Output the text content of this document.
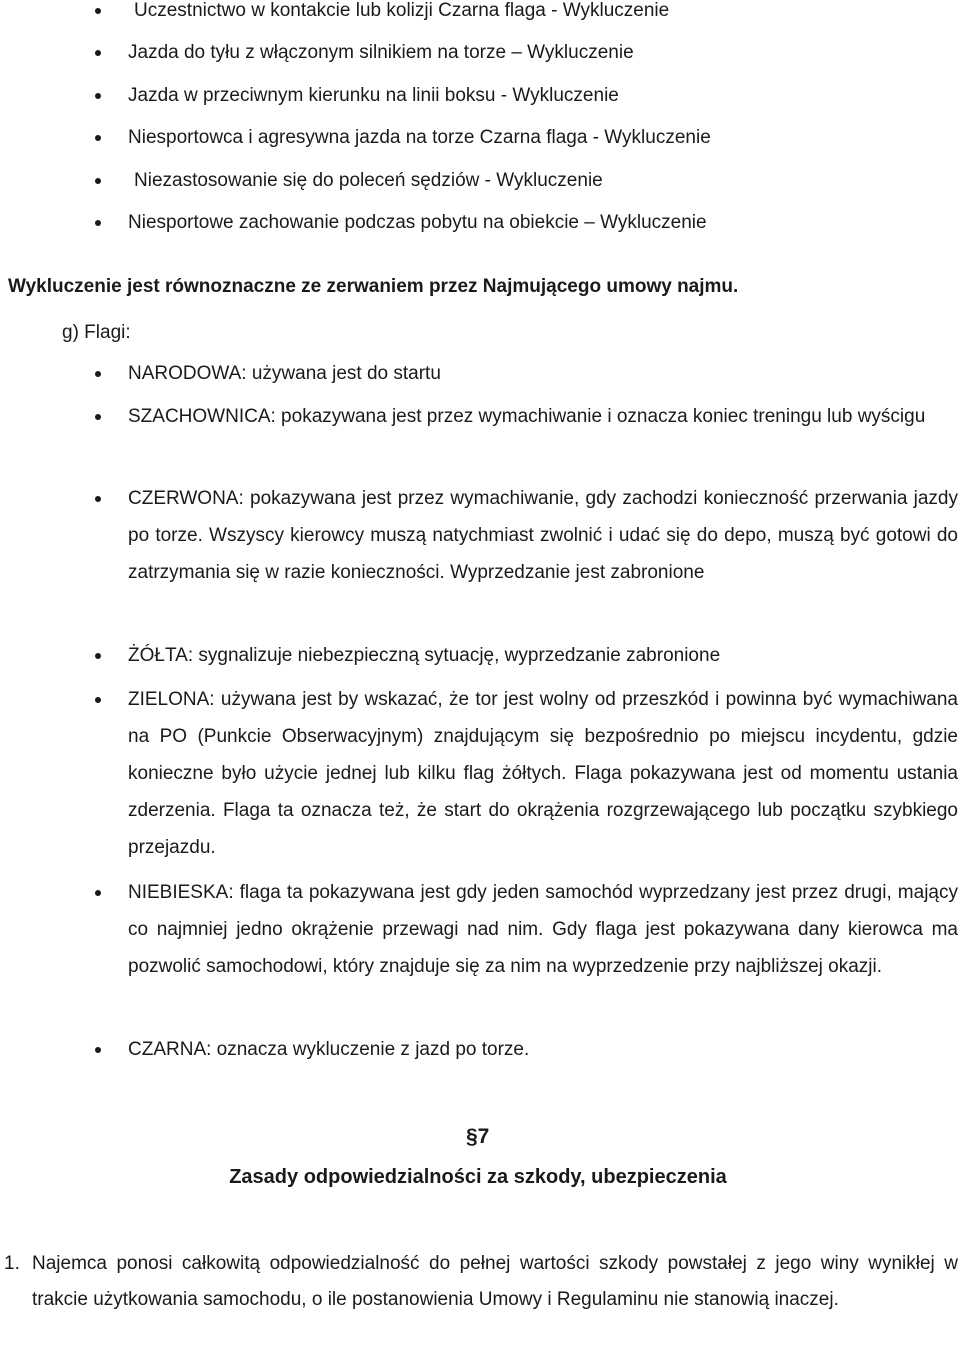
Uczestnictwo w kontakcie lub kolizji Czarna flaga - Wykluczenie
Jazda do tyłu z włączonym silnikiem na torze – Wykluczenie
Jazda w przeciwnym kierunku na linii boksu - Wykluczenie
Niesportowca i agresywna jazda na torze Czarna flaga - Wykluczenie
Niezastosowanie się do poleceń sędziów - Wykluczenie
Niesportowe zachowanie podczas pobytu na obiekcie – Wykluczenie
Wykluczenie jest równoznaczne ze zerwaniem przez Najmującego umowy najmu.
g) Flagi:
NARODOWA: używana jest do startu
SZACHOWNICA: pokazywana jest przez wymachiwanie i oznacza koniec treningu lub wyścigu
CZERWONA: pokazywana jest przez wymachiwanie, gdy zachodzi konieczność przerwania jazdy po torze. Wszyscy kierowcy muszą natychmiast zwolnić i udać się do depo, muszą być gotowi do zatrzymania się w razie konieczności. Wyprzedzanie jest zabronione
ŻÓŁTA: sygnalizuje niebezpieczną sytuację, wyprzedzanie zabronione
ZIELONA: używana jest by wskazać, że tor jest wolny od przeszkód i powinna być wymachiwana na PO (Punkcie Obserwacyjnym) znajdującym się bezpośrednio po miejscu incydentu, gdzie konieczne było użycie jednej lub kilku flag żółtych. Flaga pokazywana jest od momentu ustania zderzenia. Flaga ta oznacza też, że start do okrążenia rozgrzewającego lub początku szybkiego przejazdu.
NIEBIESKA: flaga ta pokazywana jest gdy jeden samochód wyprzedzany jest przez drugi, mający co najmniej jedno okrążenie przewagi nad nim. Gdy flaga jest pokazywana dany kierowca ma pozwolić samochodowi, który znajduje się za nim na wyprzedzenie przy najbliższej okazji.
CZARNA: oznacza wykluczenie z jazd po torze.
§7
Zasady odpowiedzialności za szkody, ubezpieczenia
1. Najemca ponosi całkowitą odpowiedzialność do pełnej wartości szkody powstałej z jego winy wynikłej w trakcie użytkowania samochodu, o ile postanowienia Umowy i Regulaminu nie stanowią inaczej.
